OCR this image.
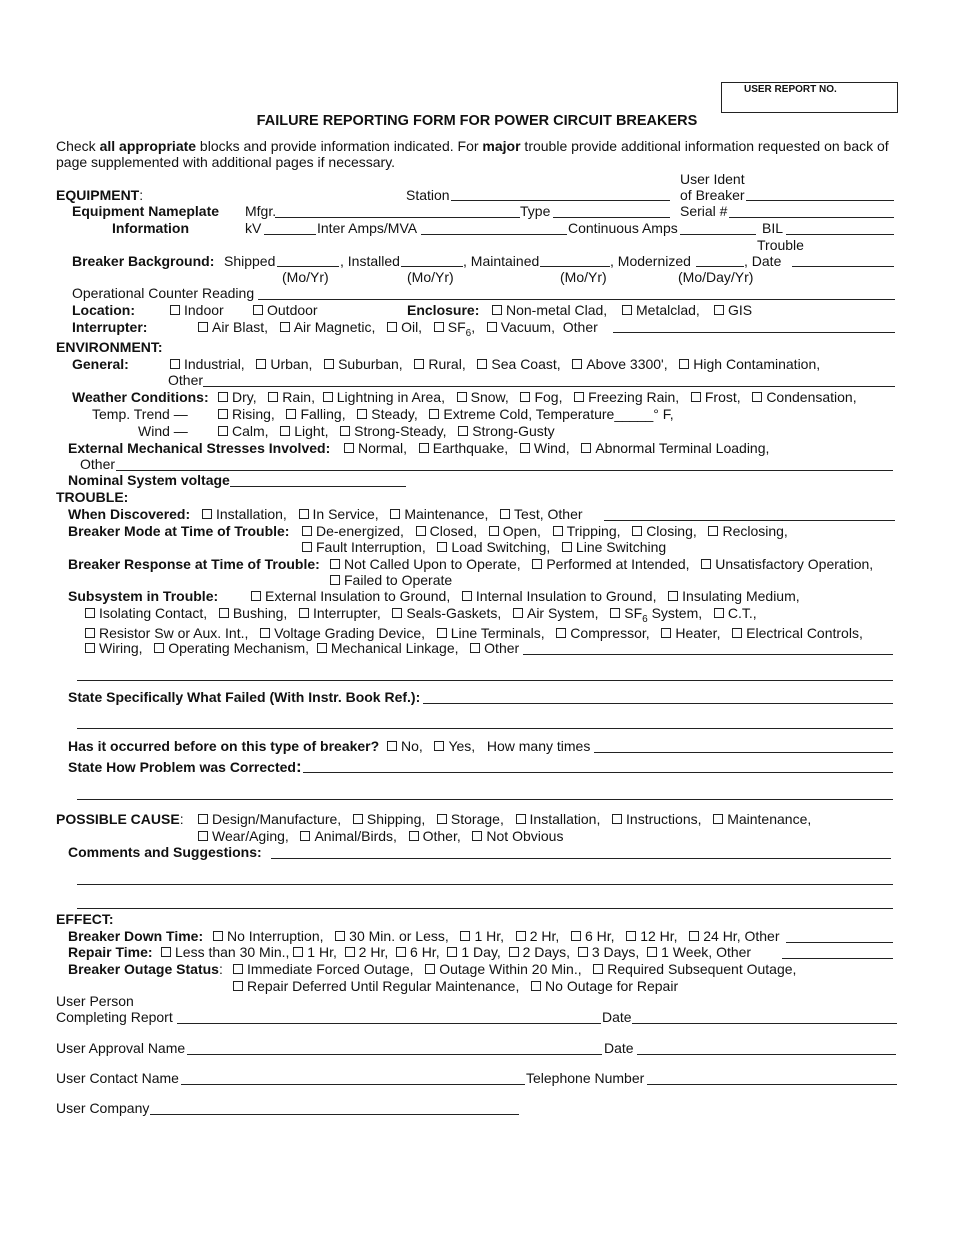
USER REPORT NO.
FAILURE REPORTING FORM FOR POWER CIRCUIT BREAKERS
Check all appropriate blocks and provide information indicated. For major trouble provide additional information requested on back of
page supplemented with additional pages if necessary.
User Ident
EQUIPMENT:	Station	of Breaker
Equipment Nameplate Mfgr.	Type	Serial #
Information	kV	Inter Amps/MVA	Continuous Amps	BIL
Trouble
Breaker Background: Shipped	, Installed	, Maintained	, Modernized	, Date
(Mo/Yr)	(Mo/Yr)	(Mo/Yr)	(Mo/Day/Yr)
Operational Counter Reading
Location:	Indoor	Outdoor	Enclosure:	Non-metal Clad,	Metalclad,	GIS
Interrupter:	Air Blast, Air Magnetic, Oil, $SF_6$,   Vacuum, Other
ENVIRONMENT:
General:	Industrial, Urban, Suburban, Rural, Sea Coast, Above 3300', High Contamination,
Other
Weather Conditions:	Dry, Rain, Lightning in Area, Snow, Fog, Freezing Rain, Frost, Condensation,
Temp. Trend —	Rising, Falling, Steady, Extreme Cold, Temperature_____° F,
Wind —	Calm, Light, Strong-Steady, Strong-Gusty
External Mechanical Stresses Involved:	Normal, Earthquake, Wind, Abnormal Terminal Loading,
Other
Nominal System voltage
TROUBLE:
When Discovered:	Installation, In Service, Maintenance, Test, Other
Breaker Mode at Time of Trouble:	De-energized, Closed, Open, Tripping, Closing, Reclosing,
Fault Interruption, Load Switching, Line Switching
Breaker Response at Time of Trouble:	Not Called Upon to Operate, Performed at Intended, Unsatisfactory Operation,
Failed to Operate
Subsystem in Trouble:	External Insulation to Ground, Internal Insulation to Ground, Insulating Medium,
Isolating Contact, Bushing, Interrupter, Seals-Gaskets, Air System, $SF_6$ System, C.T.,
Resistor Sw or Aux. Int., Voltage Grading Device, Line Terminals, Compressor, Heater, Electrical Controls,
Wiring, Operating Mechanism, Mechanical Linkage, Other
State Specifically What Failed (With Instr. Book Ref.):
Has it occurred before on this type of breaker? No, Yes, How many times
State How Problem was Corrected:
POSSIBLE CAUSE:	Design/Manufacture, Shipping, Storage, Installation, Instructions, Maintenance,
Wear/Aging, Animal/Birds, Other, Not Obvious
Comments and Suggestions:
EFFECT:
Breaker Down Time:	No Interruption, 30 Min. or Less, 1 Hr, 2 Hr, 6 Hr, 12 Hr, 24 Hr, Other
Repair Time:	Less than 30 Min., 1 Hr, 2 Hr, 6 Hr, 1 Day, 2 Days, 3 Days, 1 Week, Other
Breaker Outage Status:	Immediate Forced Outage, Outage Within 20 Min., Required Subsequent Outage,
Repair Deferred Until Regular Maintenance, No Outage for Repair
User Person
Completing Report	Date
User Approval Name	Date
User Contact Name	Telephone Number
User Company
